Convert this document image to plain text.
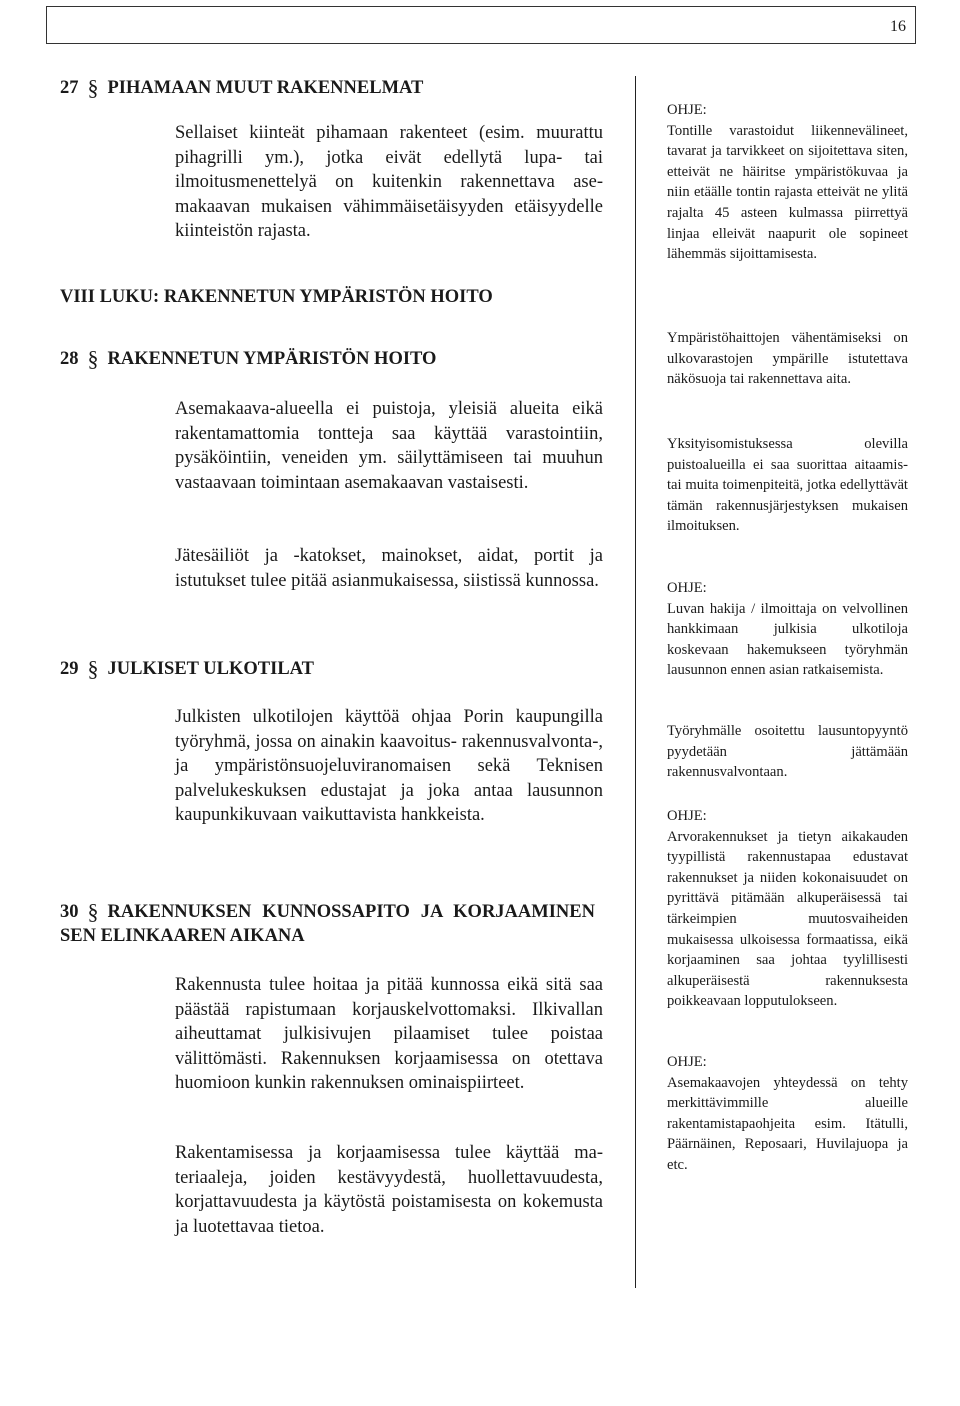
16
27 § PIHAMAAN MUUT RAKENNELMAT

Sellaiset kiinteät pihamaan rakenteet (esim. muurattu pihagrilli ym.), jotka eivät edellytä lupa- tai ilmoitusmenettelyä on kuitenkin rakennettava asemakaavan mukaisen vähimmäisetäisyyden etäisyydelle kiinteistön rajasta.

VIII LUKU: RAKENNETUN YMPÄRISTÖN HOITO
28 § RAKENNETUN YMPÄRISTÖN HOITO

Asemakaava-alueella ei puistoja, yleisiä alueita eikä rakentamattomia tontteja saa käyttää varastointiin, pysäköintiin, veneiden ym. säilyttämiseen tai muuhun vastaavaan toimintaan asemakaavan vastaisesti.

Jätesäiliöt ja -katokset, mainokset, aidat, portit ja istutukset tulee pitää asianmukaisessa, siistissä kunnossa.

29 § JULKISET ULKOTILAT

Julkisten ulkotilojen käyttöä ohjaa Porin kaupungilla työryhmä, jossa on ainakin kaavoitus- rakennusvalvonta-, ja ympäristönsuojeluviranomaisen sekä Teknisen palvelukeskuksen edustajat ja joka antaa lausunnon kaupunkikuvaan vaikuttavista hankkeista.

30 § RAKENNUKSEN KUNNOSSAPITO JA KORJAAMINEN SEN ELINKAAREN AIKANA

Rakennusta tulee hoitaa ja pitää kunnossa eikä sitä saa päästää rapistumaan korjauskelvottomaksi. Ilkivallan aiheuttamat julkisivujen pilaamiset tulee poistaa välittömästi. Rakennuksen korjaamisessa on otettava huomioon kunkin rakennuksen ominaispiirteet.

Rakentamisessa ja korjaamisessa tulee käyttää materiaaleja, joiden kestävyydestä, huollettavuudesta, korjattavuudesta ja käytöstä poistamisesta on kokemusta ja luotettavaa tietoa.

OHJE:
Tontille varastoidut liikennevälineet, tavarat ja tarvikkeet on sijoitettava siten, etteivät ne häiritse ympäristökuvaa ja niin etäälle tontin rajasta etteivät ne ylitä rajalta 45 asteen kulmassa piirrettyä linjaa elleivät naapurit ole sopineet lähemmäs sijoittamisesta.
Ympäristöhaittojen vähentämiseksi on ulkovarastojen ympärille istutettava näkösuoja tai rakennettava aita.
Yksityisomistuksessa olevilla puistoalueilla ei saa suorittaa aitaamis- tai muita toimenpiteitä, jotka edellyttävät tämän rakennusjärjestyksen mukaisen ilmoituksen.
OHJE:
Luvan hakija / ilmoittaja on velvollinen hankkimaan julkisia ulkotiloja koskevaan hakemukseen työryhmän lausunnon ennen asian ratkaisemista.
Työryhmälle osoitettu lausuntopyyntö pyydetään jättämään rakennusvalvontaan.
OHJE:
Arvorakennukset ja tietyn aikakauden tyypillistä rakennustapaa edustavat rakennukset ja niiden kokonaisuudet on pyrittävä pitämään alkuperäisessä tai tärkeimpien muutosvaiheiden mukaisessa ulkoisessa formaatissa, eikä korjaaminen saa johtaa tyylillisesti alkuperäisestä rakennuksesta poikkeavaan lopputulokseen.
OHJE:
Asemakaavojen yhteydessä on tehty merkittävimmille alueille rakentamistapaohjeita esim. Itätulli, Päärnäinen, Reposaari, Huvilajuopa ja etc.
